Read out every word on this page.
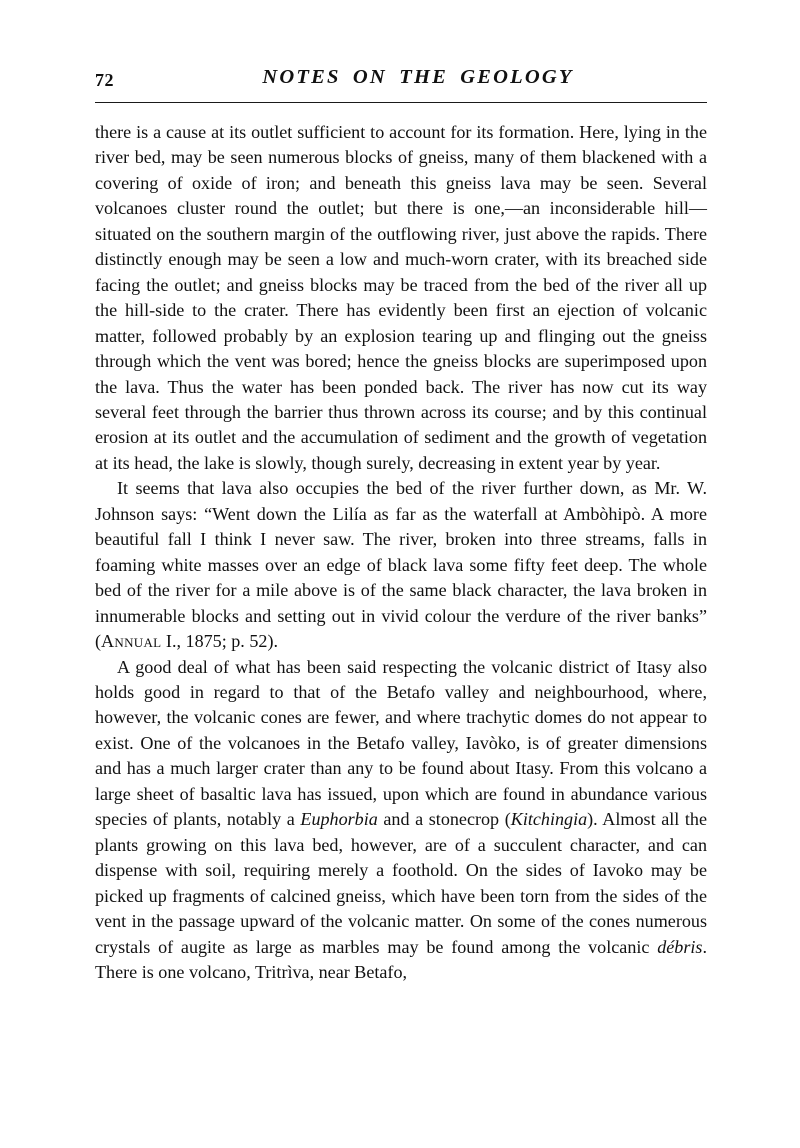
72	NOTES ON THE GEOLOGY

there is a cause at its outlet sufficient to account for its formation. Here, lying in the river bed, may be seen numerous blocks of gneiss, many of them blackened with a covering of oxide of iron; and beneath this gneiss lava may be seen. Several volcanoes cluster round the outlet; but there is one,—an inconsiderable hill—situated on the southern margin of the outflowing river, just above the rapids. There distinctly enough may be seen a low and much-worn crater, with its breached side facing the outlet; and gneiss blocks may be traced from the bed of the river all up the hill-side to the crater. There has evidently been first an ejection of volcanic matter, followed probably by an explosion tearing up and flinging out the gneiss through which the vent was bored; hence the gneiss blocks are superimposed upon the lava. Thus the water has been ponded back. The river has now cut its way several feet through the barrier thus thrown across its course; and by this continual erosion at its outlet and the accumulation of sediment and the growth of vegetation at its head, the lake is slowly, though surely, decreasing in extent year by year.

It seems that lava also occupies the bed of the river further down, as Mr. W. Johnson says: “Went down the Lilía as far as the waterfall at Ambòhipò. A more beautiful fall I think I never saw. The river, broken into three streams, falls in foaming white masses over an edge of black lava some fifty feet deep. The whole bed of the river for a mile above is of the same black character, the lava broken in innumerable blocks and setting out in vivid colour the verdure of the river banks” (Annual I., 1875; p. 52).

A good deal of what has been said respecting the volcanic district of Itasy also holds good in regard to that of the Betafo valley and neighbourhood, where, however, the volcanic cones are fewer, and where trachytic domes do not appear to exist. One of the volcanoes in the Betafo valley, Iavòko, is of greater dimensions and has a much larger crater than any to be found about Itasy. From this volcano a large sheet of basaltic lava has issued, upon which are found in abundance various species of plants, notably a Euphorbia and a stonecrop (Kitchingia). Almost all the plants growing on this lava bed, however, are of a succulent character, and can dispense with soil, requiring merely a foothold. On the sides of Iavoko may be picked up fragments of calcined gneiss, which have been torn from the sides of the vent in the passage upward of the volcanic matter. On some of the cones numerous crystals of augite as large as marbles may be found among the volcanic débris. There is one volcano, Tritrìva, near Betafo,
